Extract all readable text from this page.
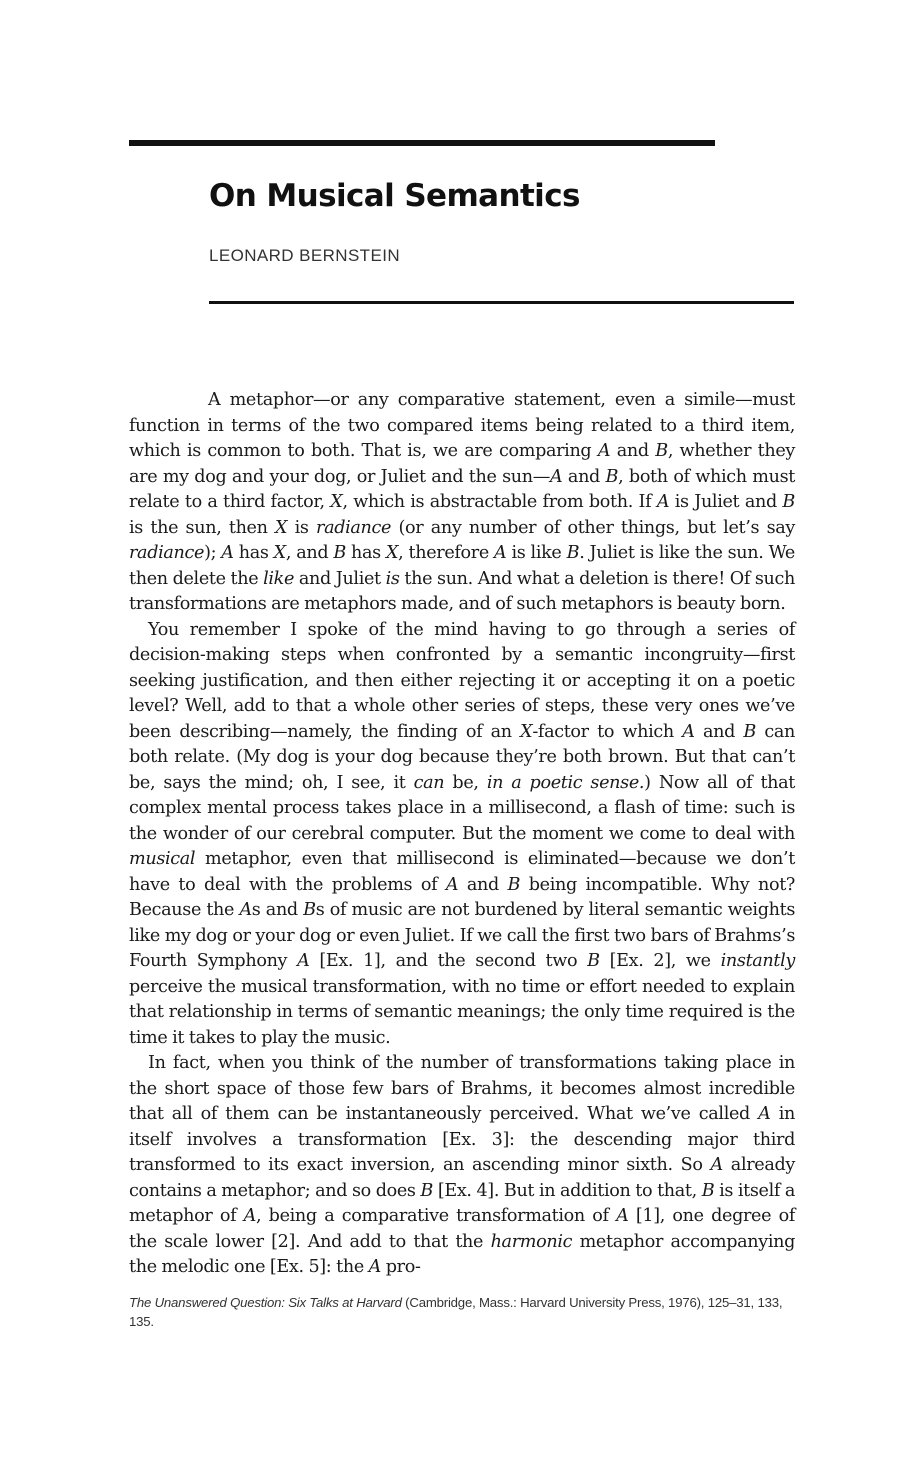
On Musical Semantics
LEONARD BERNSTEIN

A metaphor—or any comparative statement, even a simile—must function in terms of the two compared items being related to a third item, which is common to both. That is, we are comparing A and B, whether they are my dog and your dog, or Juliet and the sun—A and B, both of which must relate to a third factor, X, which is abstractable from both. If A is Juliet and B is the sun, then X is radiance (or any number of other things, but let’s say radiance); A has X, and B has X, therefore A is like B. Juliet is like the sun. We then delete the like and Juliet is the sun. And what a deletion is there! Of such transformations are metaphors made, and of such metaphors is beauty born.

You remember I spoke of the mind having to go through a series of decision-making steps when confronted by a semantic incongruity—first seeking justification, and then either rejecting it or accepting it on a poetic level? Well, add to that a whole other series of steps, these very ones we’ve been describing—namely, the finding of an X-factor to which A and B can both relate. (My dog is your dog because they’re both brown. But that can’t be, says the mind; oh, I see, it can be, in a poetic sense.) Now all of that complex mental process takes place in a millisecond, a flash of time: such is the wonder of our cerebral computer. But the moment we come to deal with musical metaphor, even that millisecond is eliminated—because we don’t have to deal with the problems of A and B being incompatible. Why not? Because the As and Bs of music are not burdened by literal semantic weights like my dog or your dog or even Juliet. If we call the first two bars of Brahms’s Fourth Symphony A [Ex. 1], and the second two B [Ex. 2], we instantly perceive the musical transformation, with no time or effort needed to explain that relationship in terms of semantic meanings; the only time required is the time it takes to play the music.

In fact, when you think of the number of transformations taking place in the short space of those few bars of Brahms, it becomes almost incredible that all of them can be instantaneously perceived. What we’ve called A in itself involves a transformation [Ex. 3]: the descending major third transformed to its exact inversion, an ascending minor sixth. So A already contains a metaphor; and so does B [Ex. 4]. But in addition to that, B is itself a metaphor of A, being a comparative transformation of A [1], one degree of the scale lower [2]. And add to that the harmonic metaphor accompanying the melodic one [Ex. 5]: the A pro-

The Unanswered Question: Six Talks at Harvard (Cambridge, Mass.: Harvard University Press, 1976), 125–31, 133, 135.
